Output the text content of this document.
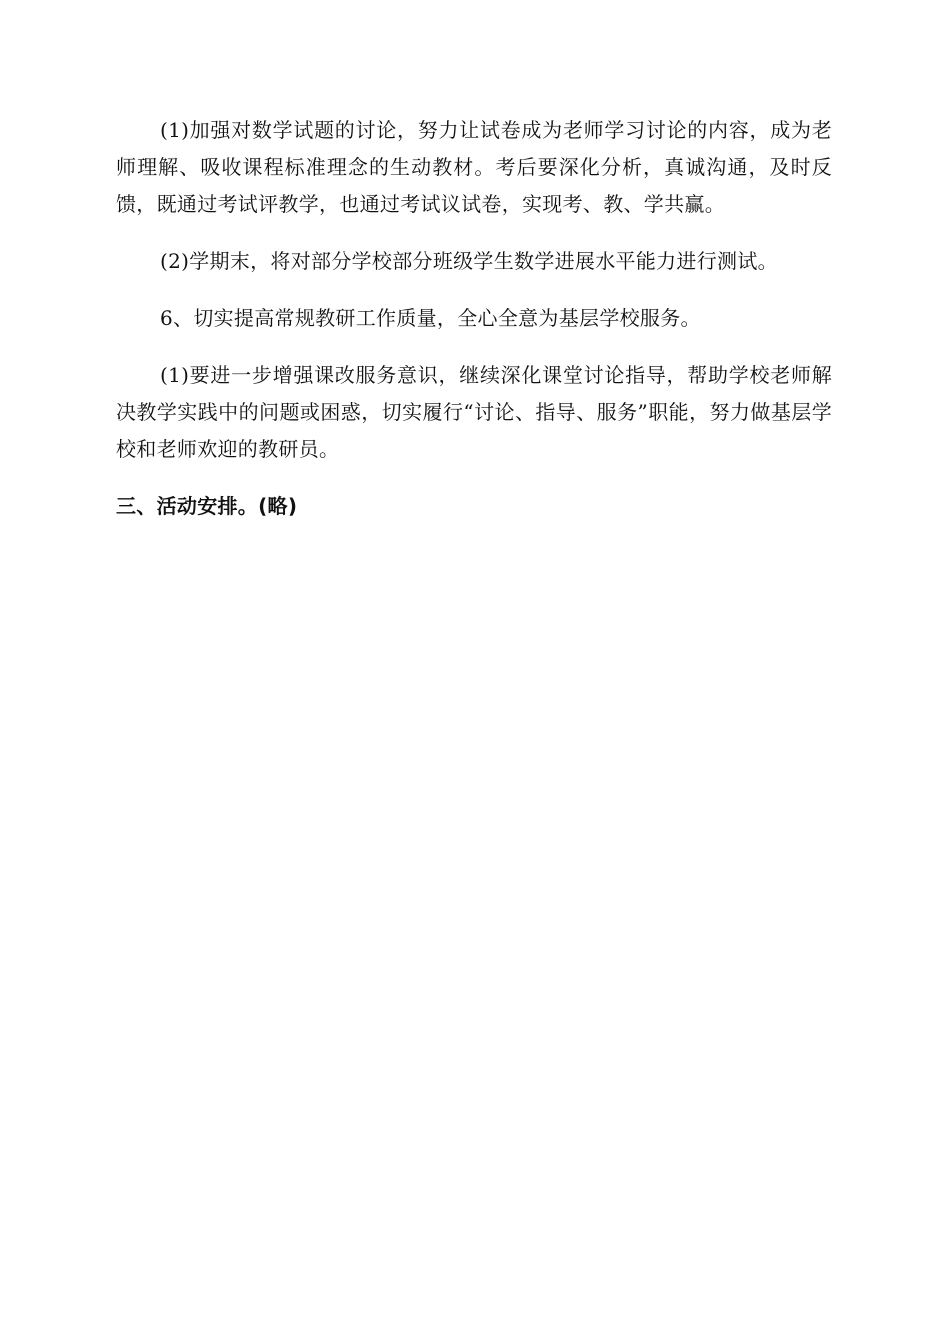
(1)加强对数学试题的讨论，努力让试卷成为老师学习讨论的内容，成为老师理解、吸收课程标准理念的生动教材。考后要深化分析，真诚沟通，及时反馈，既通过考试评教学，也通过考试议试卷，实现考、教、学共赢。

(2)学期末，将对部分学校部分班级学生数学进展水平能力进行测试。

6、切实提高常规教研工作质量，全心全意为基层学校服务。

(1)要进一步增强课改服务意识，继续深化课堂讨论指导，帮助学校老师解决教学实践中的问题或困惑，切实履行“讨论、指导、服务”职能，努力做基层学校和老师欢迎的教研员。

三、活动安排。(略)
